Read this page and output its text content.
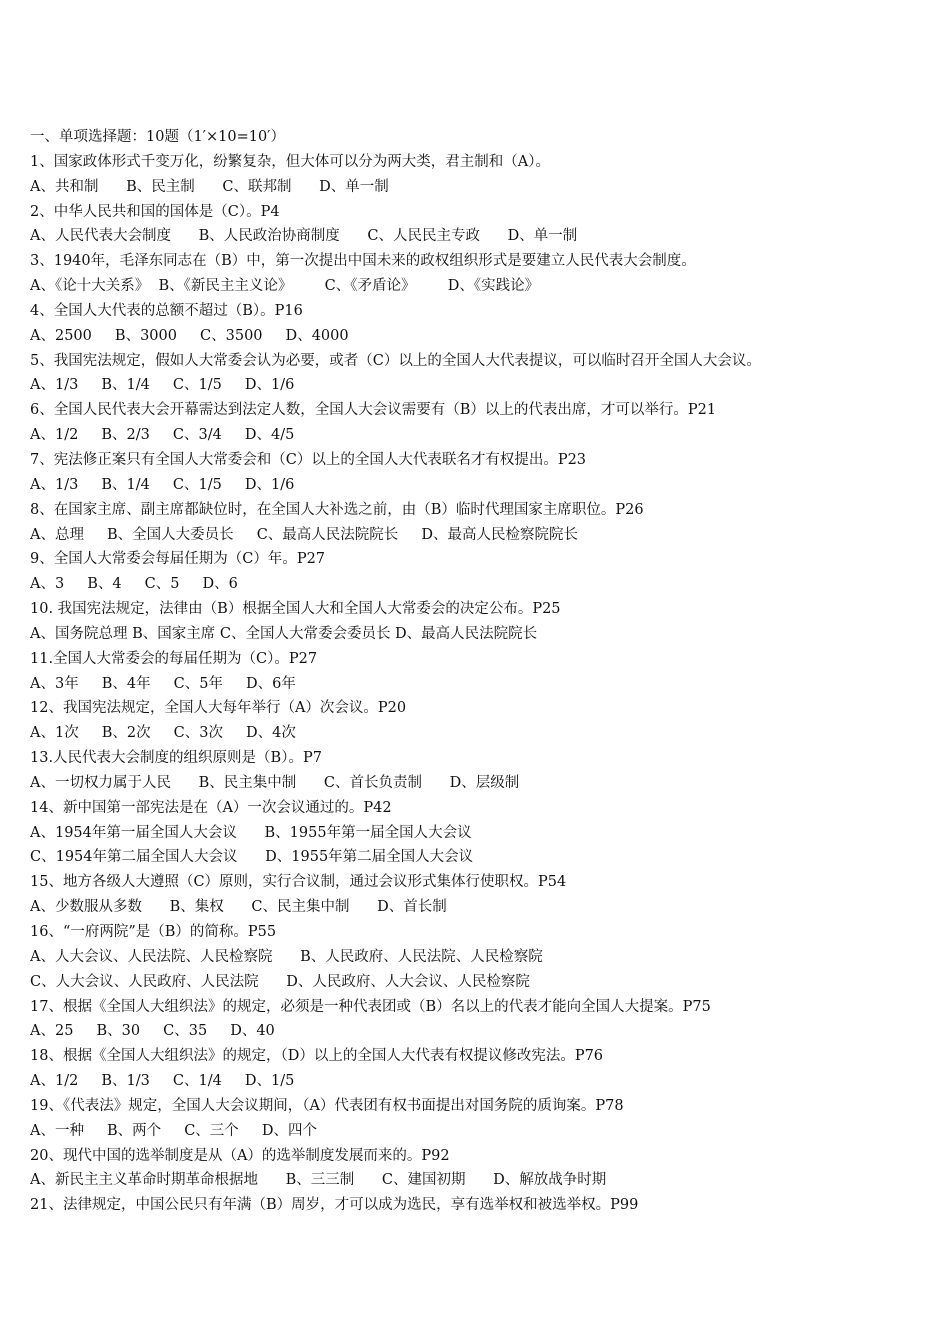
一、单项选择题：10题（1′×10=10′）
1、国家政体形式千变万化，纷繁复杂，但大体可以分为两大类，君主制和（A）。
A、共和制      B、民主制      C、联邦制      D、单一制
2、中华人民共和国的国体是（C）。P4
A、人民代表大会制度      B、人民政治协商制度      C、人民民主专政      D、单一制
3、1940年，毛泽东同志在（B）中，第一次提出中国未来的政权组织形式是要建立人民代表大会制度。
A、《论十大关系》  B、《新民主主义论》       C、《矛盾论》       D、《实践论》
4、全国人大代表的总额不超过（B）。P16
A、2500     B、3000     C、3500     D、4000
5、我国宪法规定，假如人大常委会认为必要，或者（C）以上的全国人大代表提议，可以临时召开全国人大会议。
A、1/3     B、1/4     C、1/5     D、1/6
6、全国人民代表大会开幕需达到法定人数，全国人大会议需要有（B）以上的代表出席，才可以举行。P21
A、1/2     B、2/3     C、3/4     D、4/5
7、宪法修正案只有全国人大常委会和（C）以上的全国人大代表联名才有权提出。P23
A、1/3     B、1/4     C、1/5     D、1/6
8、在国家主席、副主席都缺位时，在全国人大补选之前，由（B）临时代理国家主席职位。P26
A、总理     B、全国人大委员长     C、最高人民法院院长     D、最高人民检察院院长
9、全国人大常委会每届任期为（C）年。P27
A、3     B、4     C、5     D、6
10. 我国宪法规定，法律由（B）根据全国人大和全国人大常委会的决定公布。P25
A、国务院总理 B、国家主席 C、全国人大常委会委员长 D、最高人民法院院长
11.全国人大常委会的每届任期为（C）。P27
A、3年     B、4年     C、5年     D、6年
12、我国宪法规定，全国人大每年举行（A）次会议。P20
A、1次     B、2次     C、3次     D、4次
13.人民代表大会制度的组织原则是（B）。P7
A、一切权力属于人民      B、民主集中制      C、首长负责制      D、层级制
14、新中国第一部宪法是在（A）一次会议通过的。P42
A、1954年第一届全国人大会议      B、1955年第一届全国人大会议
C、1954年第二届全国人大会议      D、1955年第二届全国人大会议
15、地方各级人大遵照（C）原则，实行合议制，通过会议形式集体行使职权。P54
A、少数服从多数      B、集权      C、民主集中制      D、首长制
16、“一府两院”是（B）的简称。P55
A、人大会议、人民法院、人民检察院      B、人民政府、人民法院、人民检察院
C、人大会议、人民政府、人民法院      D、人民政府、人大会议、人民检察院
17、根据《全国人大组织法》的规定，必须是一种代表团或（B）名以上的代表才能向全国人大提案。P75
A、25     B、30     C、35     D、40
18、根据《全国人大组织法》的规定，（D）以上的全国人大代表有权提议修改宪法。P76
A、1/2     B、1/3     C、1/4     D、1/5
19、《代表法》规定，全国人大会议期间，（A）代表团有权书面提出对国务院的质询案。P78
A、一种     B、两个     C、三个     D、四个
20、现代中国的选举制度是从（A）的选举制度发展而来的。P92
A、新民主主义革命时期革命根据地      B、三三制      C、建国初期      D、解放战争时期
21、法律规定，中国公民只有年满（B）周岁，才可以成为选民，享有选举权和被选举权。P99
